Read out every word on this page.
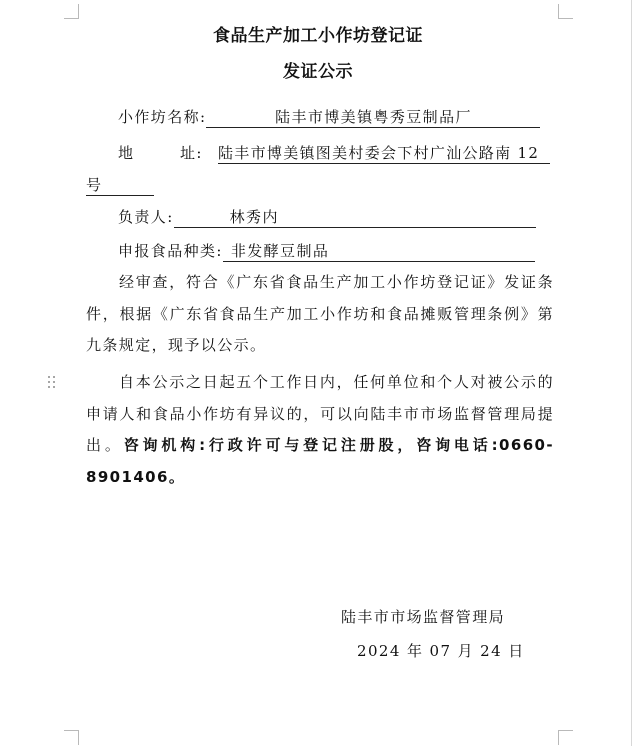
食品生产加工小作坊登记证
发证公示
小作坊名称:	陆丰市博美镇粤秀豆制品厂
地	址: 陆丰市博美镇图美村委会下村广汕公路南 12
号
负责人:	林秀内
申报食品种类: 非发酵豆制品

经审查，符合《广东省食品生产加工小作坊登记证》发证条件，根据《广东省食品生产加工小作坊和食品摊贩管理条例》第九条规定，现予以公示。

自本公示之日起五个工作日内，任何单位和个人对被公示的申请人和食品小作坊有异议的，可以向陆丰市市场监督管理局提出。咨询机构:行政许可与登记注册股，咨询电话:0660-8901406。

陆丰市市场监督管理局
2024 年 07 月 24 日
